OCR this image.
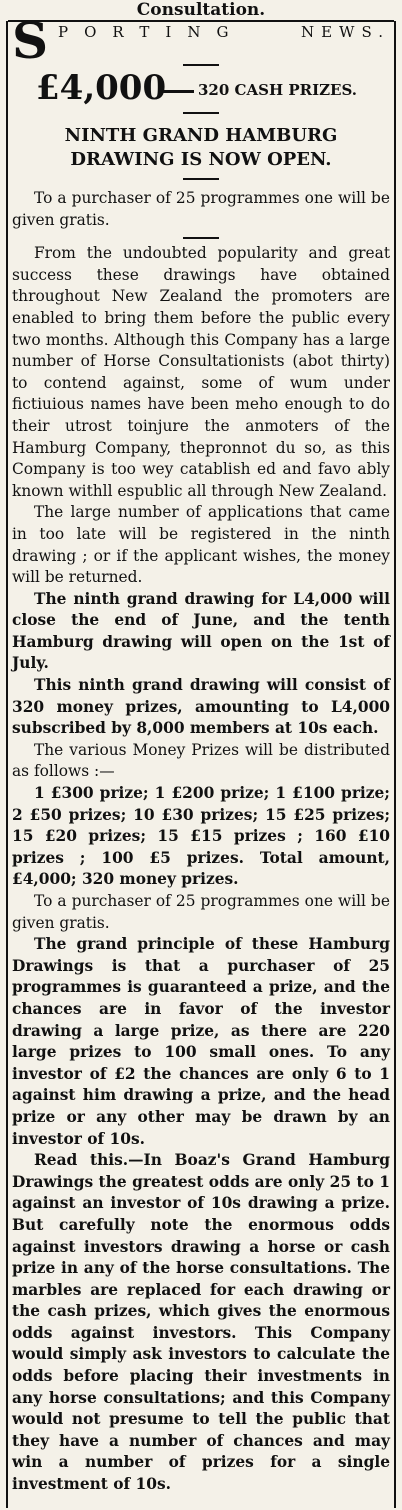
Consultation.
S PORTING	NEWS.
£4,000 320 CASH PRIZES.
NINTH GRAND HAMBURG
DRAWING IS NOW OPEN.

To a purchaser of 25 programmes one will be given gratis.

From the undoubted popularity and great success these drawings have obtained throughout New Zealand the promoters are enabled to bring them before the public every two months. Although this Company has a large number of Horse Consultationists (abot thirty) to contend against, some of wum under fictiuious names have been meho enough to do their utrost toinjure the anmoters of the Hamburg Company, thepronnot du so, as this Company is too wey catablish ed and favo ably known withll espublic all through New Zealand.

The large number of applications that came in too late will be registered in the ninth drawing ; or if the applicant wishes, the money will be returned.

The ninth grand drawing for L4,000 will close the end of June, and the tenth Hamburg drawing will open on the 1st of July.

This ninth grand drawing will consist of 320 money prizes, amounting to L4,000 subscribed by 8,000 members at 10s each.

The various Money Prizes will be distributed as follows :—

1 £300 prize; 1 £200 prize; 1 £100 prize; 2 £50 prizes; 10 £30 prizes; 15 £25 prizes; 15 £20 prizes; 15 £15 prizes ; 160 £10 prizes ; 100 £5 prizes. Total amount, £4,000; 320 money prizes.

To a purchaser of 25 programmes one will be given gratis.

The grand principle of these Hamburg Drawings is that a purchaser of 25 programmes is guaranteed a prize, and the chances are in favor of the investor drawing a large prize, as there are 220 large prizes to 100 small ones. To any investor of £2 the chances are only 6 to 1 against him drawing a prize, and the head prize or any other may be drawn by an investor of 10s.

Read this.—In Boaz's Grand Hamburg Drawings the greatest odds are only 25 to 1 against an investor of 10s drawing a prize. But carefully note the enormous odds against investors drawing a horse or cash prize in any of the horse consultations. The marbles are replaced for each drawing or the cash prizes, which gives the enormous odds against investors. This Company would simply ask investors to calculate the odds before placing their investments in any horse consultations; and this Company would not presume to tell the public that they have a number of chances and may win a number of prizes for a single investment of 10s.
